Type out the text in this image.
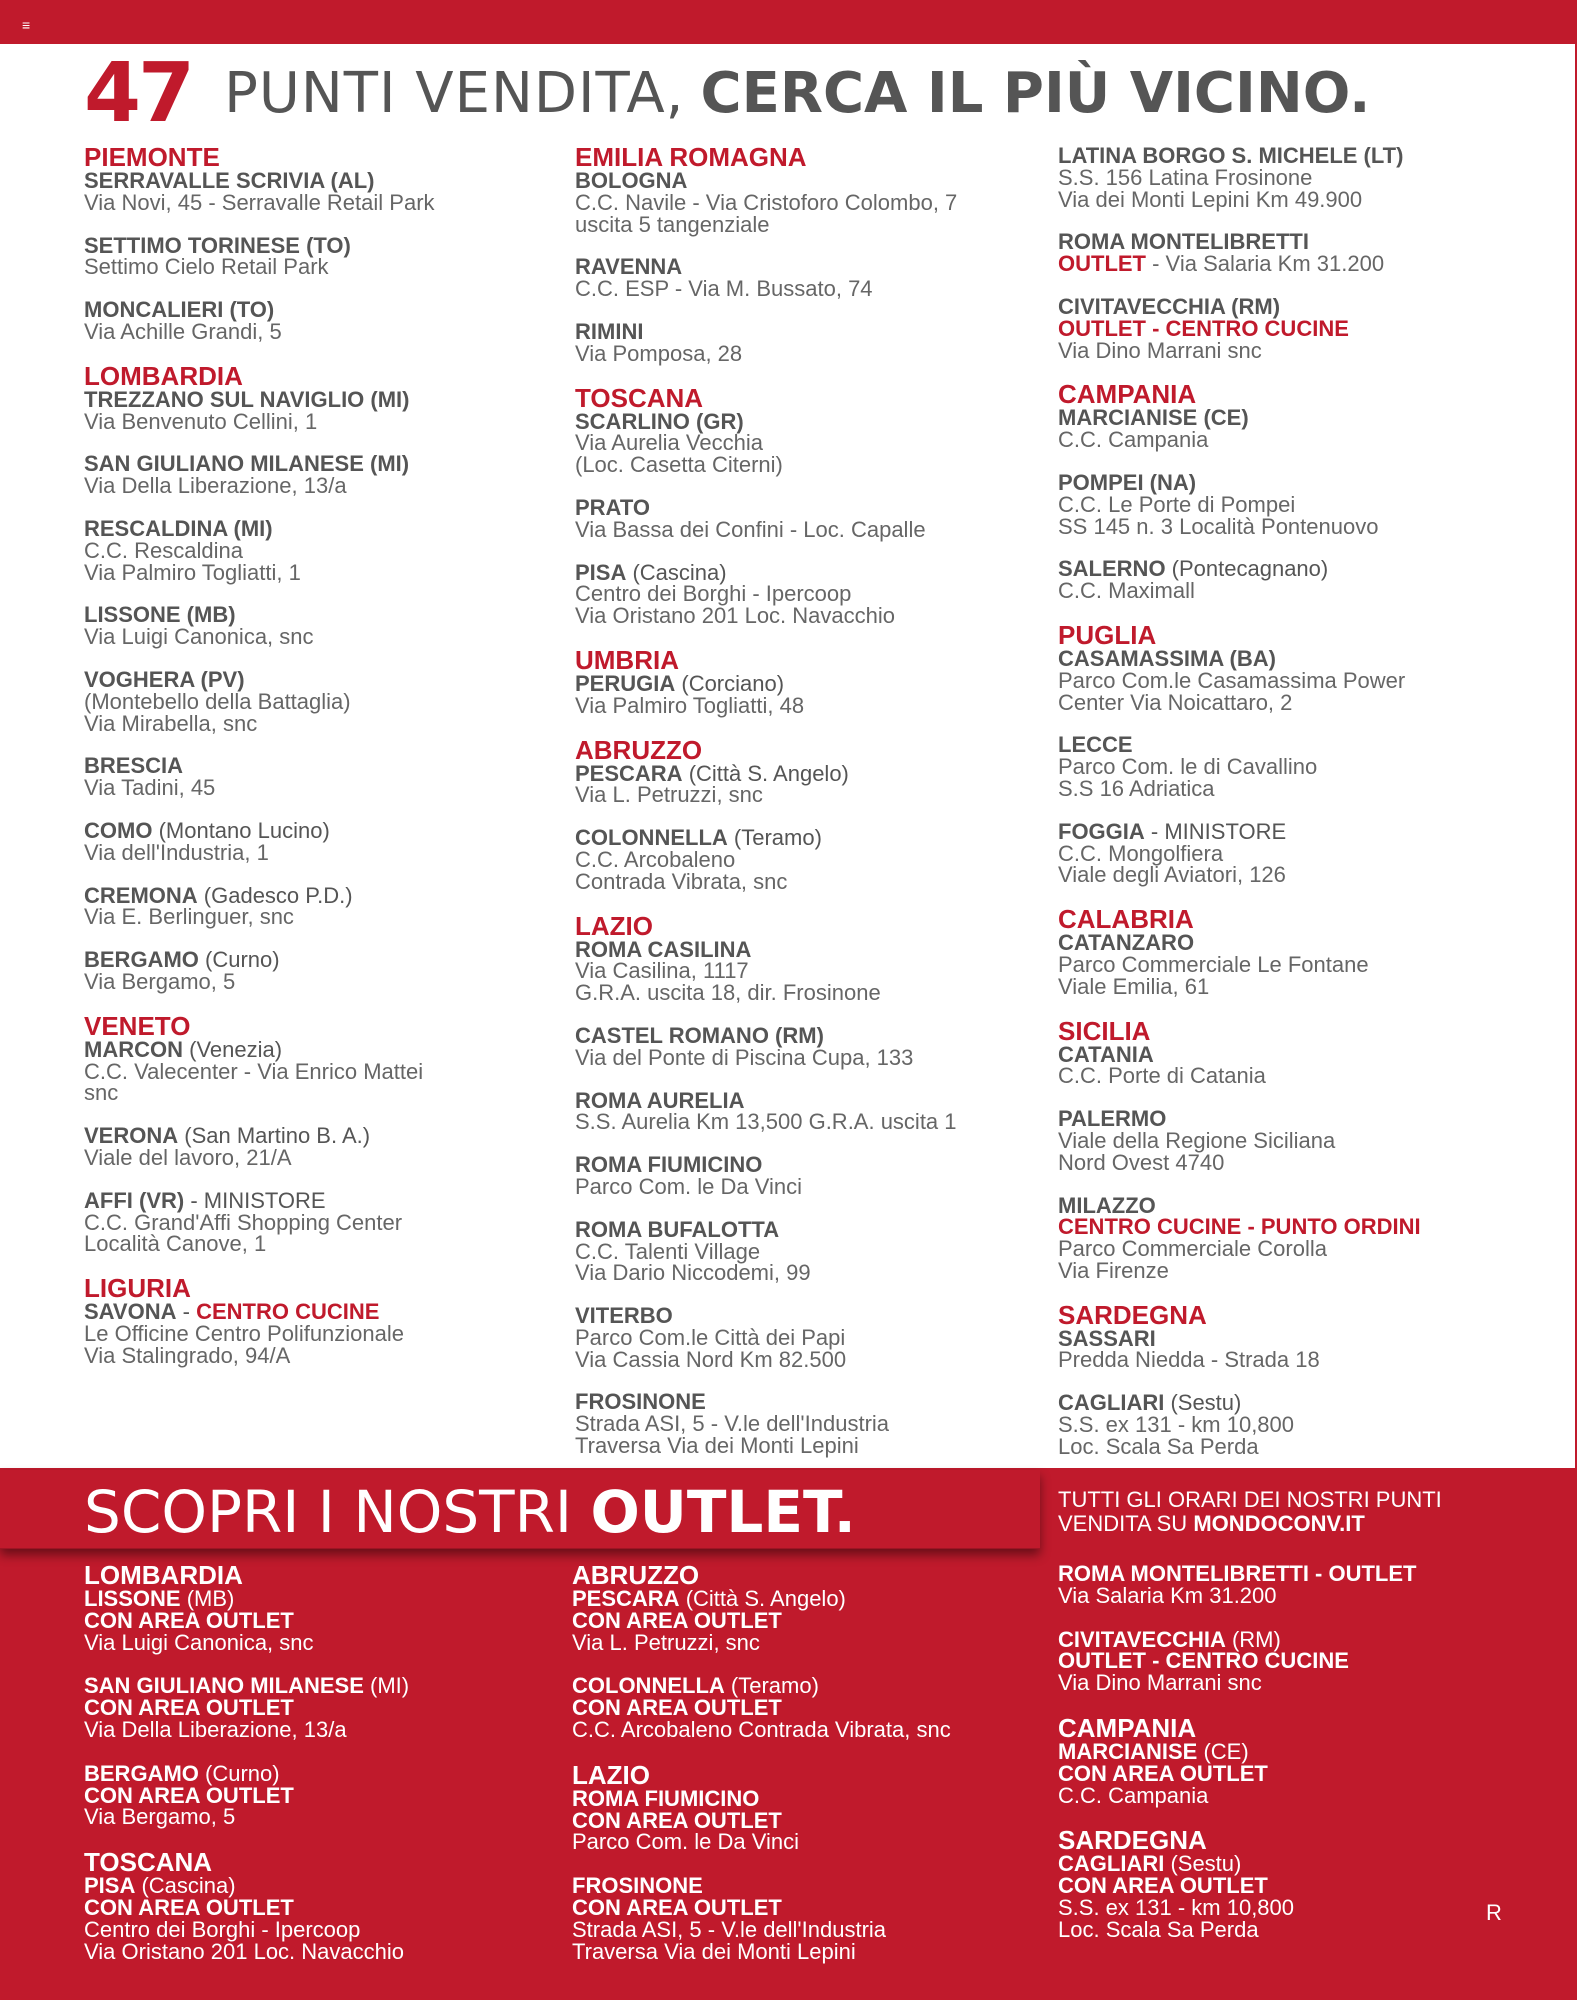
≡
47 PUNTI VENDITA, CERCA IL PIÙ VICINO.
PIEMONTE
SERRAVALLE SCRIVIA (AL)
Via Novi, 45 - Serravalle Retail Park
SETTIMO TORINESE (TO)
Settimo Cielo Retail Park
MONCALIERI (TO)
Via Achille Grandi, 5
LOMBARDIA
TREZZANO SUL NAVIGLIO (MI)
Via Benvenuto Cellini, 1
SAN GIULIANO MILANESE (MI)
Via Della Liberazione, 13/a
RESCALDINA (MI)
C.C. Rescaldina
Via Palmiro Togliatti, 1
LISSONE (MB)
Via Luigi Canonica, snc
VOGHERA (PV)
(Montebello della Battaglia)
Via Mirabella, snc
BRESCIA
Via Tadini, 45
COMO (Montano Lucino)
Via dell'Industria, 1
CREMONA (Gadesco P.D.)
Via E. Berlinguer, snc
BERGAMO (Curno)
Via Bergamo, 5
VENETO
MARCON (Venezia)
C.C. Valecenter - Via Enrico Mattei
snc
VERONA (San Martino B. A.)
Viale del lavoro, 21/A
AFFI (VR) - MINISTORE
C.C. Grand'Affi Shopping Center
Località Canove, 1
LIGURIA
SAVONA - CENTRO CUCINE
Le Officine Centro Polifunzionale
Via Stalingrado, 94/A
EMILIA ROMAGNA
BOLOGNA
C.C. Navile - Via Cristoforo Colombo, 7
uscita 5 tangenziale
RAVENNA
C.C. ESP - Via M. Bussato, 74
RIMINI
Via Pomposa, 28
TOSCANA
SCARLINO (GR)
Via Aurelia Vecchia
(Loc. Casetta Citerni)
PRATO
Via Bassa dei Confini - Loc. Capalle
PISA (Cascina)
Centro dei Borghi - Ipercoop
Via Oristano 201 Loc. Navacchio
UMBRIA
PERUGIA (Corciano)
Via Palmiro Togliatti, 48
ABRUZZO
PESCARA (Città S. Angelo)
Via L. Petruzzi, snc
COLONNELLA (Teramo)
C.C. Arcobaleno
Contrada Vibrata, snc
LAZIO
ROMA CASILINA
Via Casilina, 1117
G.R.A. uscita 18, dir. Frosinone
CASTEL ROMANO (RM)
Via del Ponte di Piscina Cupa, 133
ROMA AURELIA
S.S. Aurelia Km 13,500 G.R.A. uscita 1
ROMA FIUMICINO
Parco Com. le Da Vinci
ROMA BUFALOTTA
C.C. Talenti Village
Via Dario Niccodemi, 99
VITERBO
Parco Com.le Città dei Papi
Via Cassia Nord Km 82.500
FROSINONE
Strada ASI, 5 - V.le dell'Industria
Traversa Via dei Monti Lepini
LATINA BORGO S. MICHELE (LT)
S.S. 156 Latina Frosinone
Via dei Monti Lepini Km 49.900
ROMA MONTELIBRETTI
OUTLET - Via Salaria Km 31.200
CIVITAVECCHIA (RM)
OUTLET - CENTRO CUCINE
Via Dino Marrani snc
CAMPANIA
MARCIANISE (CE)
C.C. Campania
POMPEI (NA)
C.C. Le Porte di Pompei
SS 145 n. 3 Località Pontenuovo
SALERNO (Pontecagnano)
C.C. Maximall
PUGLIA
CASAMASSIMA (BA)
Parco Com.le Casamassima Power
Center Via Noicattaro, 2
LECCE
Parco Com. le di Cavallino
S.S 16 Adriatica
FOGGIA - MINISTORE
C.C. Mongolfiera
Viale degli Aviatori, 126
CALABRIA
CATANZARO
Parco Commerciale Le Fontane
Viale Emilia, 61
SICILIA
CATANIA
C.C. Porte di Catania
PALERMO
Viale della Regione Siciliana
Nord Ovest 4740
MILAZZO
CENTRO CUCINE - PUNTO ORDINI
Parco Commerciale Corolla
Via Firenze
SARDEGNA
SASSARI
Predda Niedda - Strada 18
CAGLIARI (Sestu)
S.S. ex 131 - km 10,800
Loc. Scala Sa Perda
SCOPRI I NOSTRI OUTLET.	TUTTI GLI ORARI DEI NOSTRI PUNTI
VENDITA SU MONDOCONV.IT
LOMBARDIA
LISSONE (MB)
CON AREA OUTLET
Via Luigi Canonica, snc
SAN GIULIANO MILANESE (MI)
CON AREA OUTLET
Via Della Liberazione, 13/a
BERGAMO (Curno)
CON AREA OUTLET
Via Bergamo, 5
TOSCANA
PISA (Cascina)
CON AREA OUTLET
Centro dei Borghi - Ipercoop
Via Oristano 201 Loc. Navacchio
ABRUZZO
PESCARA (Città S. Angelo)
CON AREA OUTLET
Via L. Petruzzi, snc
COLONNELLA (Teramo)
CON AREA OUTLET
C.C. Arcobaleno Contrada Vibrata, snc
LAZIO
ROMA FIUMICINO
CON AREA OUTLET
Parco Com. le Da Vinci
FROSINONE
CON AREA OUTLET
Strada ASI, 5 - V.le dell'Industria
Traversa Via dei Monti Lepini
ROMA MONTELIBRETTI - OUTLET
Via Salaria Km 31.200
CIVITAVECCHIA (RM)
OUTLET - CENTRO CUCINE
Via Dino Marrani snc
CAMPANIA
MARCIANISE (CE)
CON AREA OUTLET
C.C. Campania
SARDEGNA
CAGLIARI (Sestu)
CON AREA OUTLET
S.S. ex 131 - km 10,800
Loc. Scala Sa Perda
R
